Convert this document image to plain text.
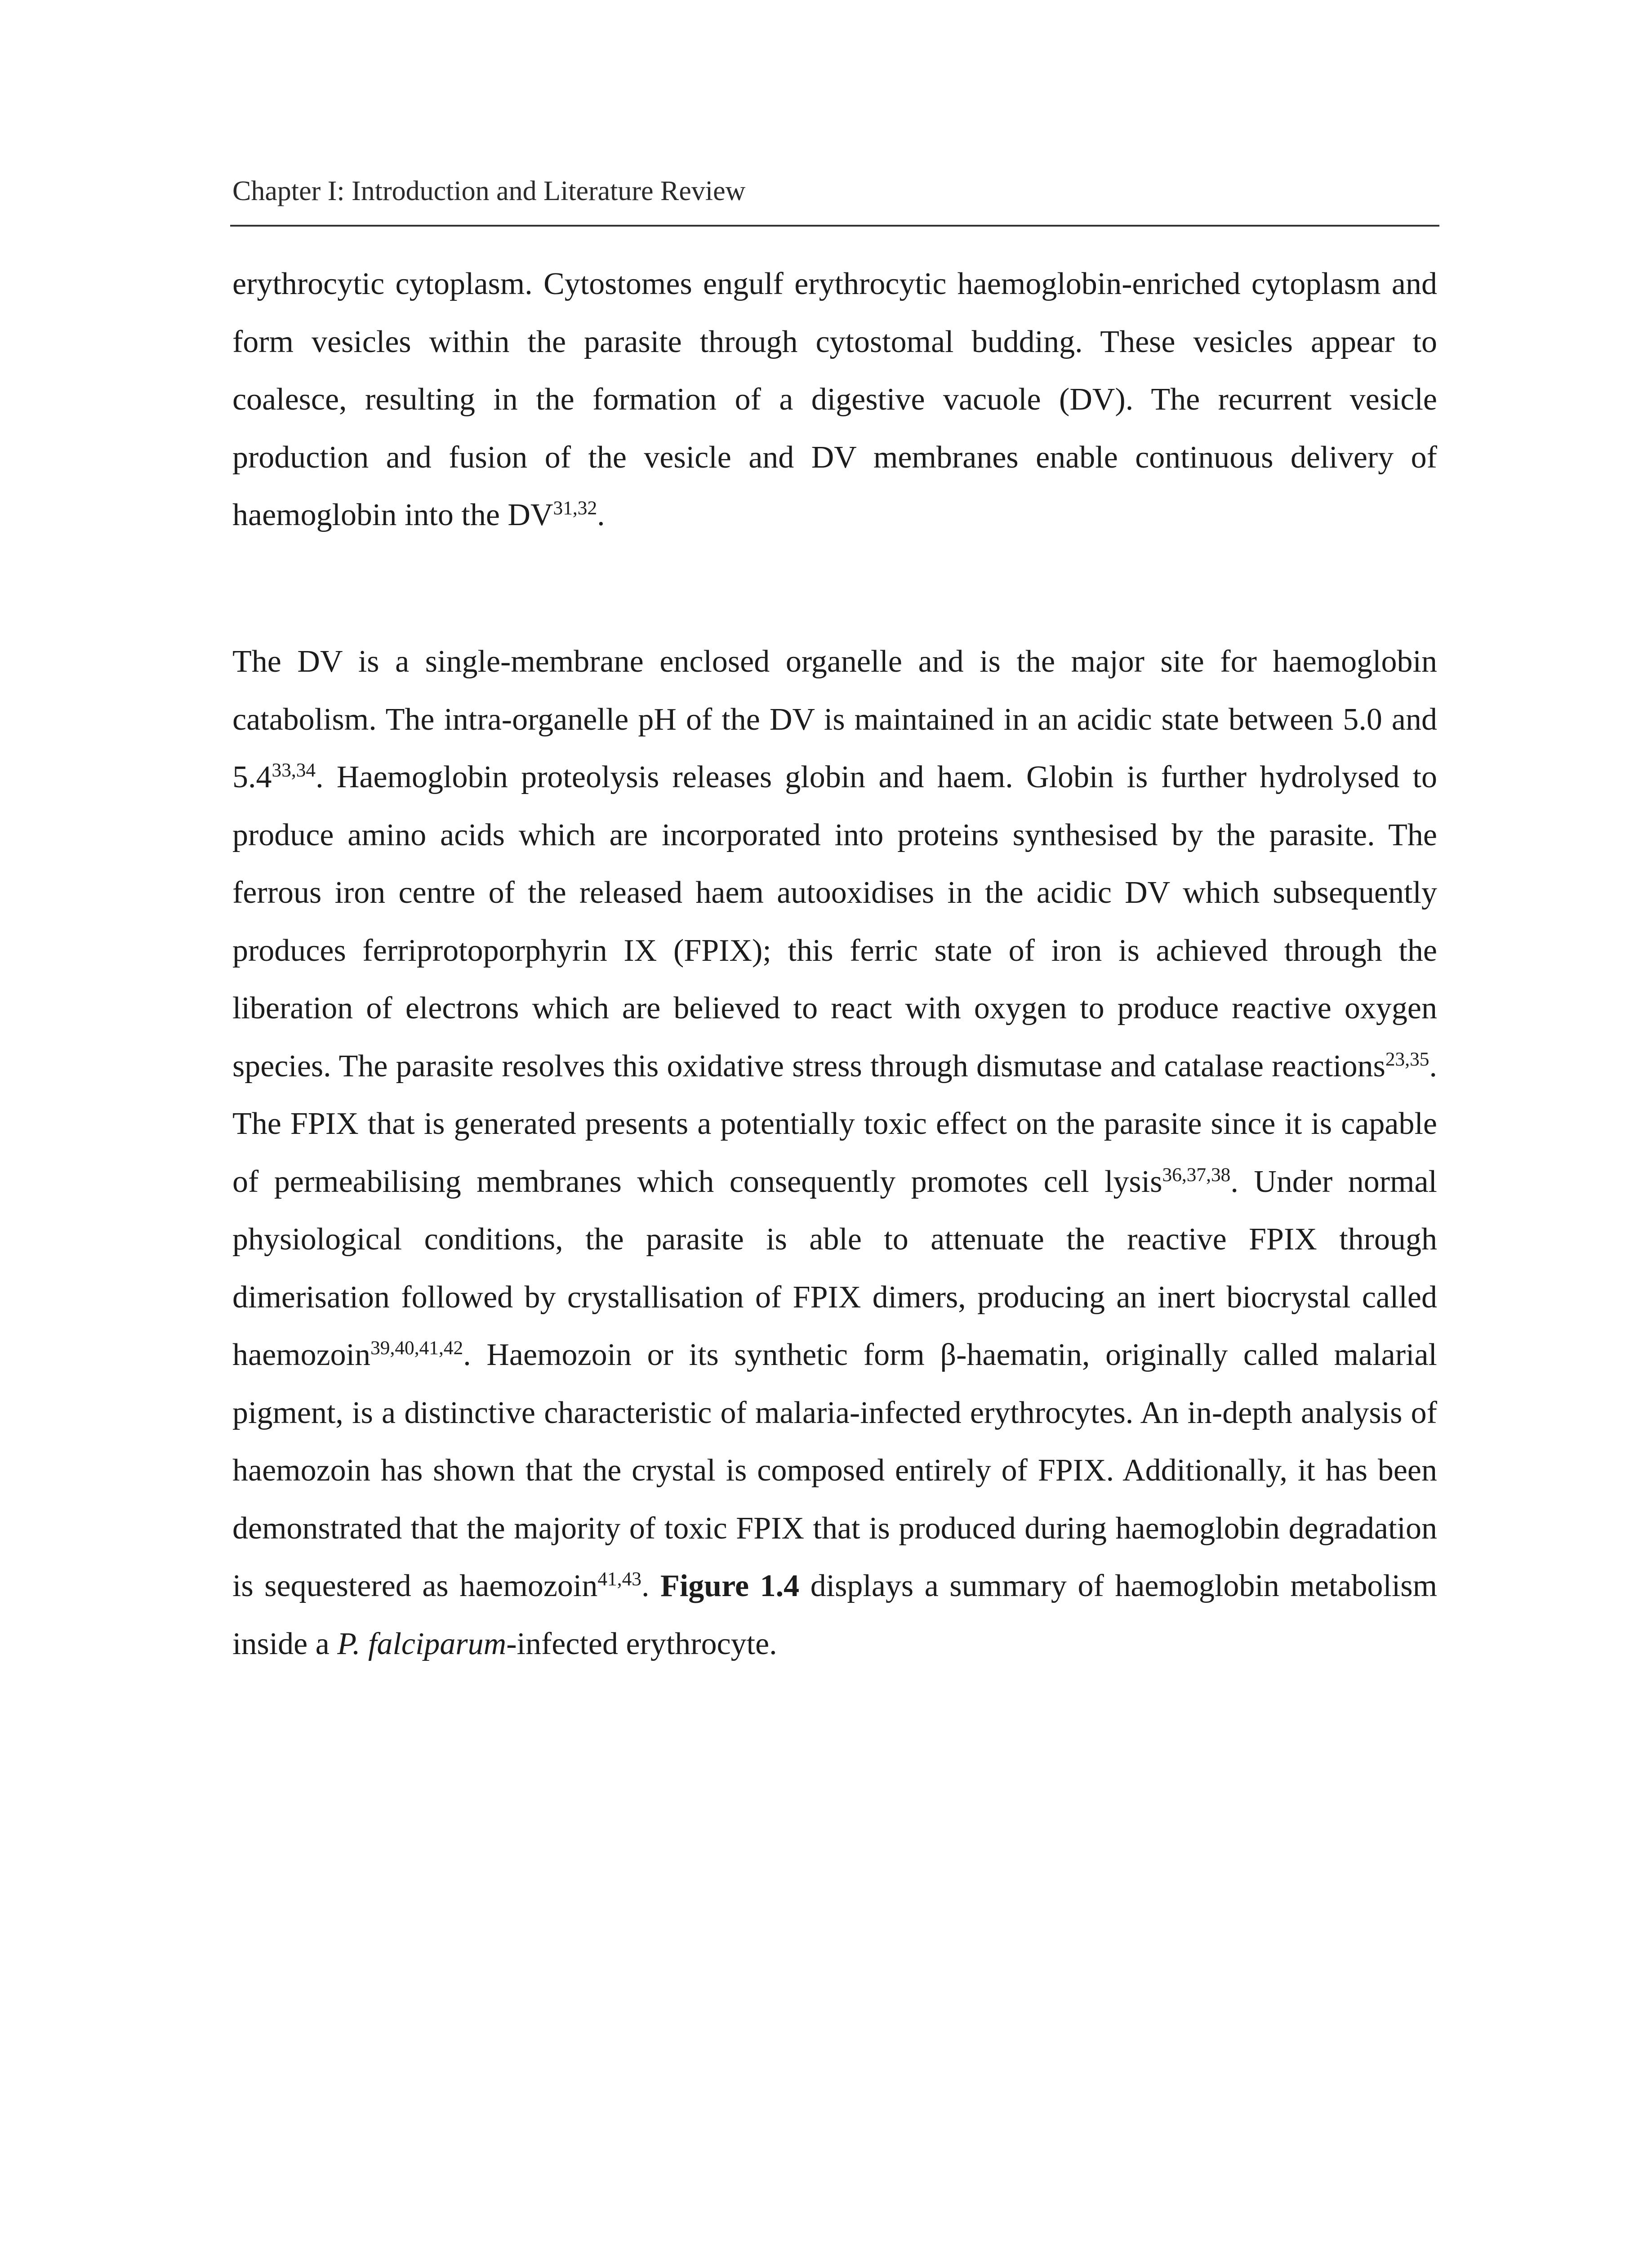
Chapter I: Introduction and Literature Review

erythrocytic cytoplasm. Cytostomes engulf erythrocytic haemoglobin-enriched cytoplasm and form vesicles within the parasite through cytostomal budding. These vesicles appear to coalesce, resulting in the formation of a digestive vacuole (DV). The recurrent vesicle production and fusion of the vesicle and DV membranes enable continuous delivery of haemoglobin into the DV$^{31,32}$.

The DV is a single-membrane enclosed organelle and is the major site for haemoglobin catabolism. The intra-organelle pH of the DV is maintained in an acidic state between 5.0 and 5.4$^{33,34}$. Haemoglobin proteolysis releases globin and haem. Globin is further hydrolysed to produce amino acids which are incorporated into proteins synthesised by the parasite. The ferrous iron centre of the released haem autooxidises in the acidic DV which subsequently produces ferriprotoporphyrin IX (FPIX); this ferric state of iron is achieved through the liberation of electrons which are believed to react with oxygen to produce reactive oxygen species. The parasite resolves this oxidative stress through dismutase and catalase reactions$^{23,35}$. The FPIX that is generated presents a potentially toxic effect on the parasite since it is capable of permeabilising membranes which consequently promotes cell lysis$^{36,37,38}$. Under normal physiological conditions, the parasite is able to attenuate the reactive FPIX through dimerisation followed by crystallisation of FPIX dimers, producing an inert biocrystal called haemozoin$^{39,40,41,42}$. Haemozoin or its synthetic form β-haematin, originally called malarial pigment, is a distinctive characteristic of malaria-infected erythrocytes. An in-depth analysis of haemozoin has shown that the crystal is composed entirely of FPIX. Additionally, it has been demonstrated that the majority of toxic FPIX that is produced during haemoglobin degradation is sequestered as haemozoin$^{41,43}$. Figure 1.4 displays a summary of haemoglobin metabolism inside a P. falciparum-infected erythrocyte.
